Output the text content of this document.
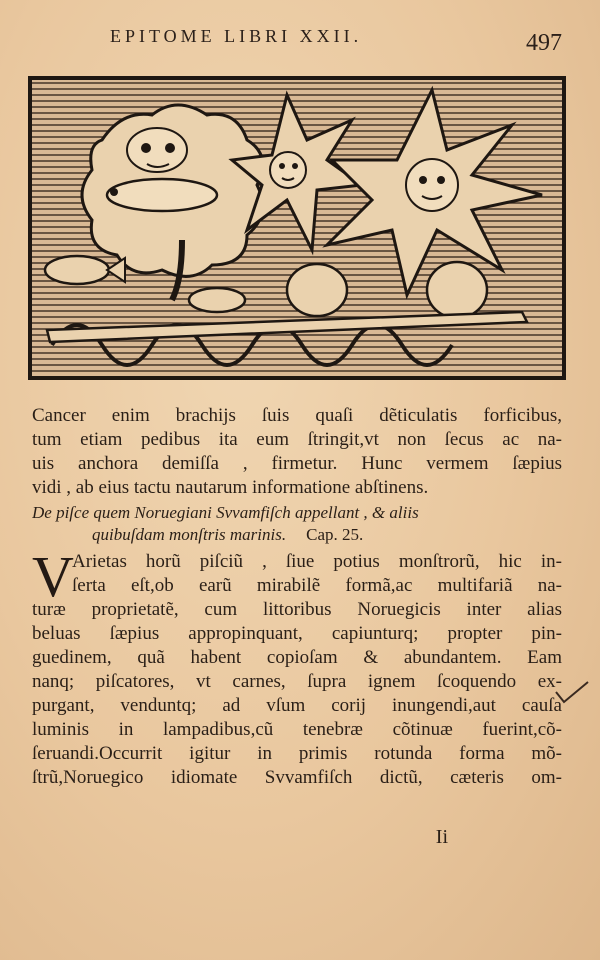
EPITOME LIBRI XXII.	497
Cancer enim brachijs ſuis quaſi dẽticulatis forficibus,
tum etiam pedibus ita eum ſtringit,vt non ſecus ac na-
uis anchora demiſſa , firmetur. Hunc vermem ſæpius
vidi , ab eius tactu nautarum informatione abſtinens.
De piſce quem Noruegiani Svvamfiſch appellant , & aliis
quibuſdam monſtris marinis. Cap. 25.
V
Arietas horũ piſciũ , ſiue potius monſtrorũ, hic in-
ſerta eſt,ob earũ mirabilẽ formã,ac multifariã na-
turæ proprietatẽ, cum littoribus Noruegicis inter alias
beluas ſæpius appropinquant, capiunturq; propter pin-
guedinem, quã habent copioſam & abundantem. Eam
nanq; piſcatores, vt carnes, ſupra ignem ſcoquendo ex-
purgant, venduntq; ad vſum corij inungendi,aut cauſa
luminis in lampadibus,cũ tenebræ cõtinuæ fuerint,cõ-
ſeruandi.Occurrit igitur in primis rotunda forma mõ-
ſtrũ,Noruegico idiomate Svvamfiſch dictũ, cæteris om-
Ii
